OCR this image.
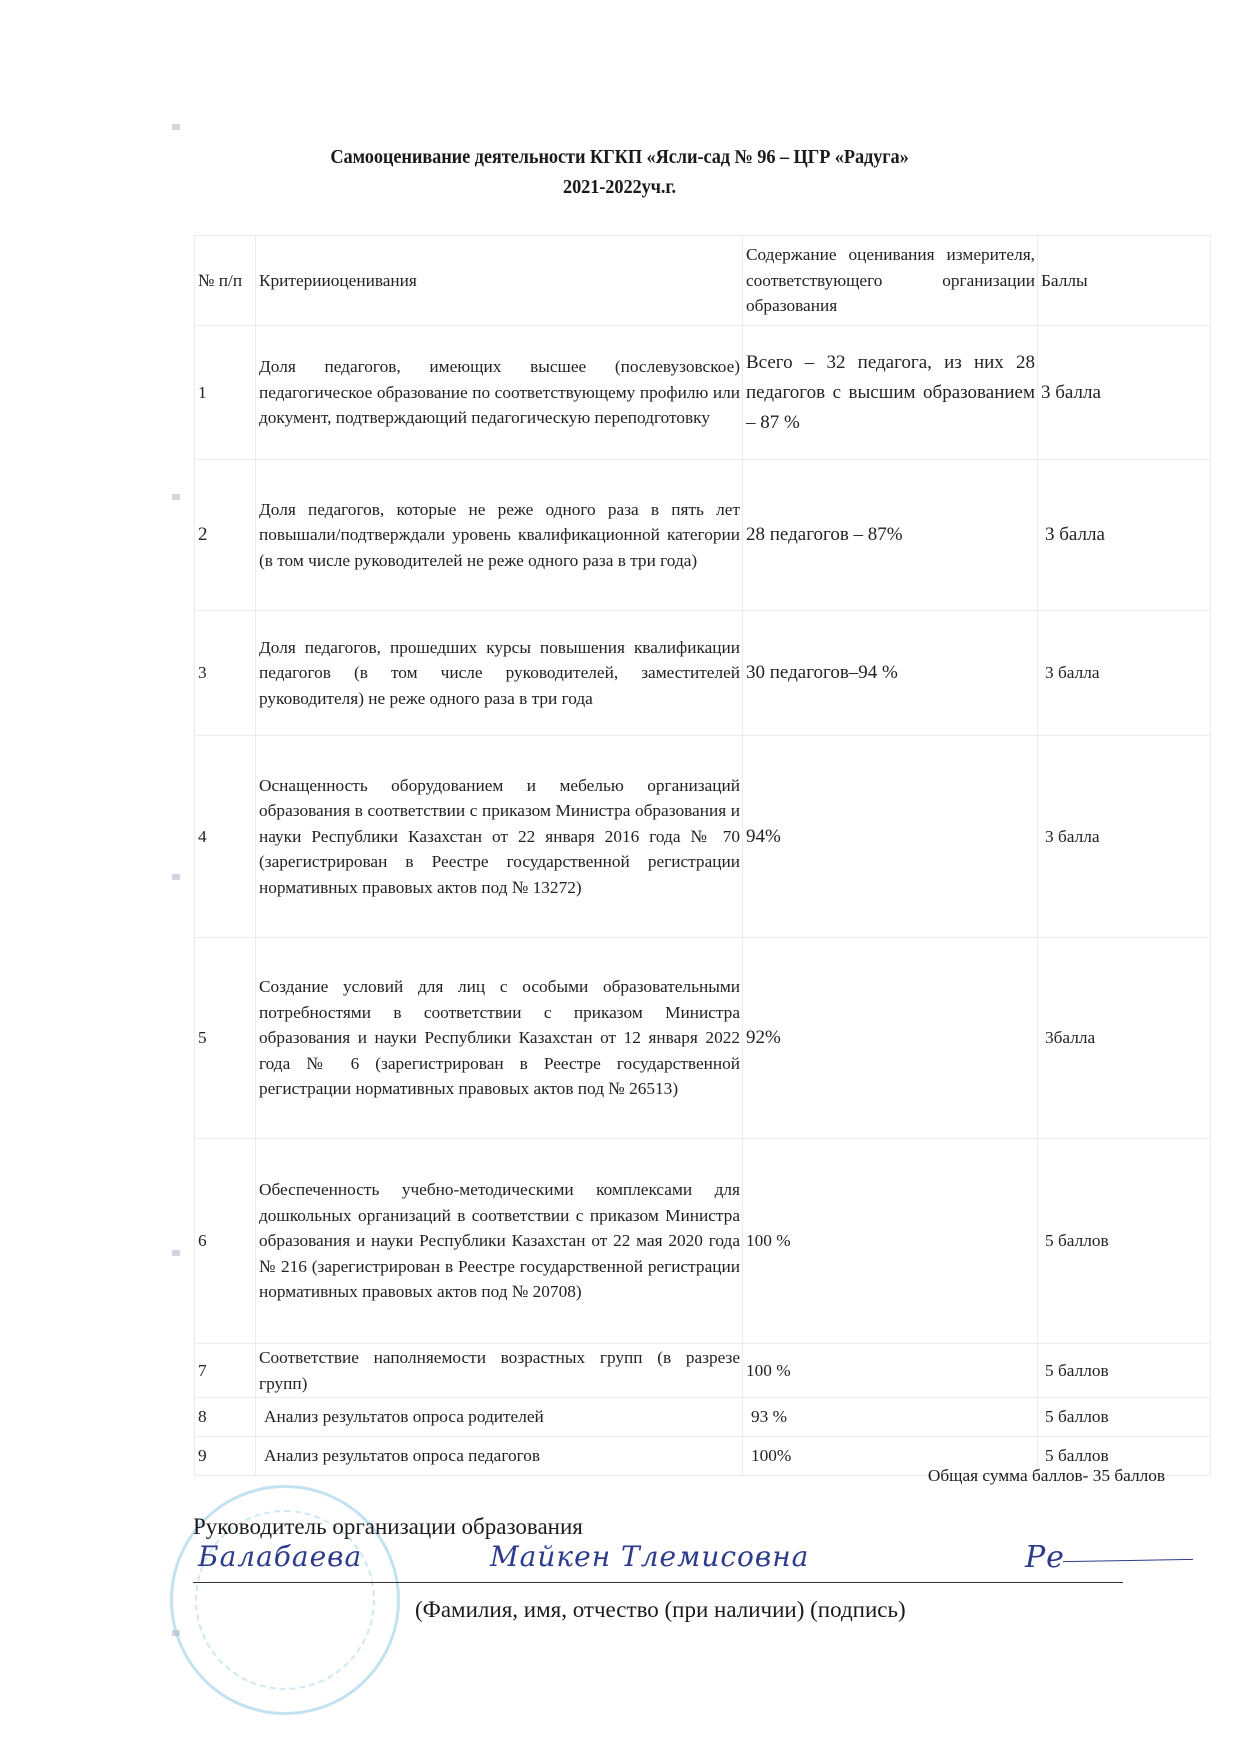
Самооценивание деятельности КГКП «Ясли-сад № 96 – ЦГР «Радуга»
2021-2022уч.г.
№ п/п	Критерииоценивания	Содержание оценивания измерителя, соответствующего организации образования	Баллы
1	Доля педагогов, имеющих высшее (послевузовское) педагогическое образование по соответствующему профилю или документ, подтверждающий педагогическую переподготовку	Всего – 32 педагога, из них 28 педагогов с высшим образованием – 87 %	3 балла
2	Доля педагогов, которые не реже одного раза в пять лет повышали/подтверждали уровень квалификационной категории (в том числе руководителей не реже одного раза в три года)	28 педагогов – 87%	3 балла
3	Доля педагогов, прошедших курсы повышения квалификации педагогов (в том числе руководителей, заместителей руководителя) не реже одного раза в три года	30 педагогов–94 %	3 балла
4	Оснащенность оборудованием и мебелью организаций образования в соответствии с приказом Министра образования и науки Республики Казахстан от 22 января 2016 года № 70 (зарегистрирован в Реестре государственной регистрации нормативных правовых актов под № 13272)	94%	3 балла
5	Создание условий для лиц с особыми образовательными потребностями в соответствии с приказом Министра образования и науки Республики Казахстан от 12 января 2022 года № 6 (зарегистрирован в Реестре государственной регистрации нормативных правовых актов под № 26513)	92%	3балла
6	Обеспеченность учебно-методическими комплексами для дошкольных организаций в соответствии с приказом Министра образования и науки Республики Казахстан от 22 мая 2020 года № 216 (зарегистрирован в Реестре государственной регистрации нормативных правовых актов под № 20708)	100 %	5 баллов
7	Соответствие наполняемости возрастных групп (в разрезе групп)	100 %	5 баллов
8	Анализ результатов опроса родителей	93 %	5 баллов
9	Анализ результатов опроса педагогов	100%	5 баллов
Общая сумма баллов- 35 баллов
Руководитель организации образования
Балабаева	Майкен Тлемисовна	Ре
(Фамилия, имя, отчество (при наличии) (подпись)
